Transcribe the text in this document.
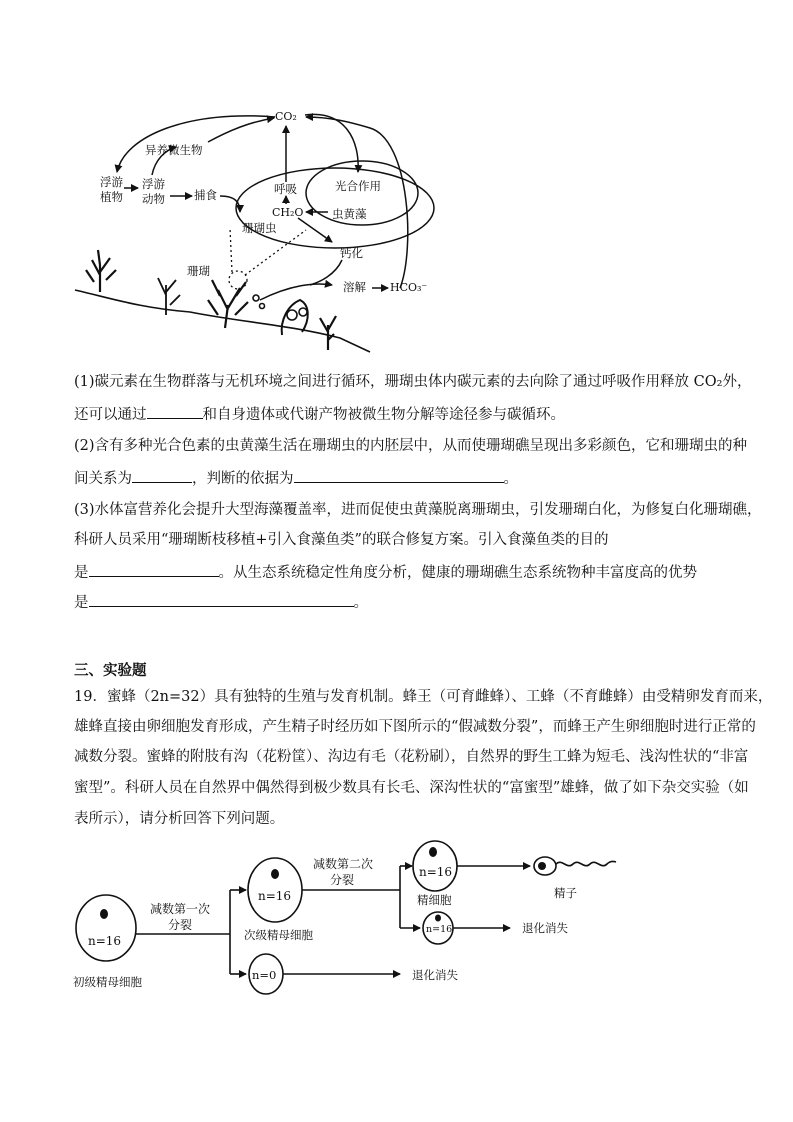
CO₂
异养微生物
浮游
植物
浮游
动物	捕食	呼吸	光合作用
CH₂O 虫黄藻
珊瑚虫
钙化
珊瑚
溶解 HCO₃⁻
(1)碳元素在生物群落与无机环境之间进行循环，珊瑚虫体内碳元素的去向除了通过呼吸作用释放 CO₂外，
还可以通过	和自身遗体或代谢产物被微生物分解等途径参与碳循环。
(2)含有多种光合色素的虫黄藻生活在珊瑚虫的内胚层中，从而使珊瑚礁呈现出多彩颜色，它和珊瑚虫的种
间关系为	，判断的依据为	。
(3)水体富营养化会提升大型海藻覆盖率，进而促使虫黄藻脱离珊瑚虫，引发珊瑚白化，为修复白化珊瑚礁，
科研人员采用“珊瑚断枝移植+引入食藻鱼类”的联合修复方案。引入食藻鱼类的目的
是	。从生态系统稳定性角度分析，健康的珊瑚礁生态系统物种丰富度高的优势
是	。
三、实验题
19．蜜蜂（2n=32）具有独特的生殖与发育机制。蜂王（可育雌蜂）、工蜂（不育雌蜂）由受精卵发育而来，
雄蜂直接由卵细胞发育形成，产生精子时经历如下图所示的“假减数分裂”，而蜂王产生卵细胞时进行正常的
减数分裂。蜜蜂的附肢有沟（花粉筐）、沟边有毛（花粉刷），自然界的野生工蜂为短毛、浅沟性状的“非富
蜜型”。科研人员在自然界中偶然得到极少数具有长毛、深沟性状的“富蜜型”雄蜂，做了如下杂交实验（如
表所示），请分析回答下列问题。
n=16
初级精母细胞
减数第一次
分裂
n=16
次级精母细胞
n=0	退化消失
减数第二次
分裂
n=16
精细胞
n=16	退化消失
精子
